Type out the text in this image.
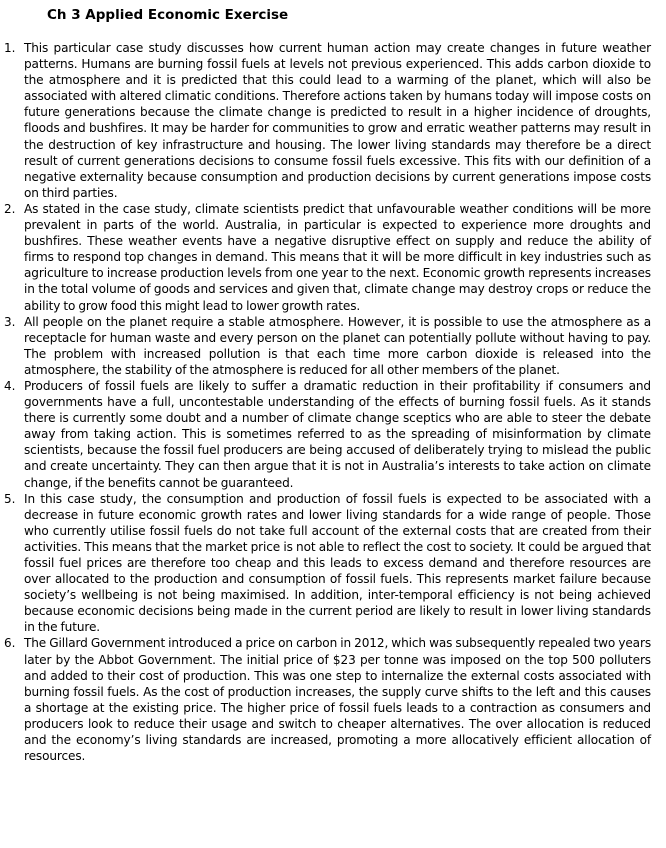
Ch 3 Applied Economic Exercise
1. This particular case study discusses how current human action may create changes in future weather patterns. Humans are burning fossil fuels at levels not previous experienced. This adds carbon dioxide to the atmosphere and it is predicted that this could lead to a warming of the planet, which will also be associated with altered climatic conditions. Therefore actions taken by humans today will impose costs on future generations because the climate change is predicted to result in a higher incidence of droughts, floods and bushfires. It may be harder for communities to grow and erratic weather patterns may result in the destruction of key infrastructure and housing. The lower living standards may therefore be a direct result of current generations decisions to consume fossil fuels excessive. This fits with our definition of a negative externality because consumption and production decisions by current generations impose costs on third parties.
2. As stated in the case study, climate scientists predict that unfavourable weather conditions will be more prevalent in parts of the world. Australia, in particular is expected to experience more droughts and bushfires. These weather events have a negative disruptive effect on supply and reduce the ability of firms to respond top changes in demand. This means that it will be more difficult in key industries such as agriculture to increase production levels from one year to the next. Economic growth represents increases in the total volume of goods and services and given that, climate change may destroy crops or reduce the ability to grow food this might lead to lower growth rates.
3. All people on the planet require a stable atmosphere. However, it is possible to use the atmosphere as a receptacle for human waste and every person on the planet can potentially pollute without having to pay. The problem with increased pollution is that each time more carbon dioxide is released into the atmosphere, the stability of the atmosphere is reduced for all other members of the planet.
4. Producers of fossil fuels are likely to suffer a dramatic reduction in their profitability if consumers and governments have a full, uncontestable understanding of the effects of burning fossil fuels. As it stands there is currently some doubt and a number of climate change sceptics who are able to steer the debate away from taking action. This is sometimes referred to as the spreading of misinformation by climate scientists, because the fossil fuel producers are being accused of deliberately trying to mislead the public and create uncertainty. They can then argue that it is not in Australia’s interests to take action on climate change, if the benefits cannot be guaranteed.
5. In this case study, the consumption and production of fossil fuels is expected to be associated with a decrease in future economic growth rates and lower living standards for a wide range of people. Those who currently utilise fossil fuels do not take full account of the external costs that are created from their activities. This means that the market price is not able to reflect the cost to society. It could be argued that fossil fuel prices are therefore too cheap and this leads to excess demand and therefore resources are over allocated to the production and consumption of fossil fuels. This represents market failure because society’s wellbeing is not being maximised. In addition, inter-temporal efficiency is not being achieved because economic decisions being made in the current period are likely to result in lower living standards in the future.
6. The Gillard Government introduced a price on carbon in 2012, which was subsequently repealed two years later by the Abbot Government. The initial price of $23 per tonne was imposed on the top 500 polluters and added to their cost of production. This was one step to internalize the external costs associated with burning fossil fuels. As the cost of production increases, the supply curve shifts to the left and this causes a shortage at the existing price. The higher price of fossil fuels leads to a contraction as consumers and producers look to reduce their usage and switch to cheaper alternatives. The over allocation is reduced and the economy’s living standards are increased, promoting a more allocatively efficient allocation of resources.
